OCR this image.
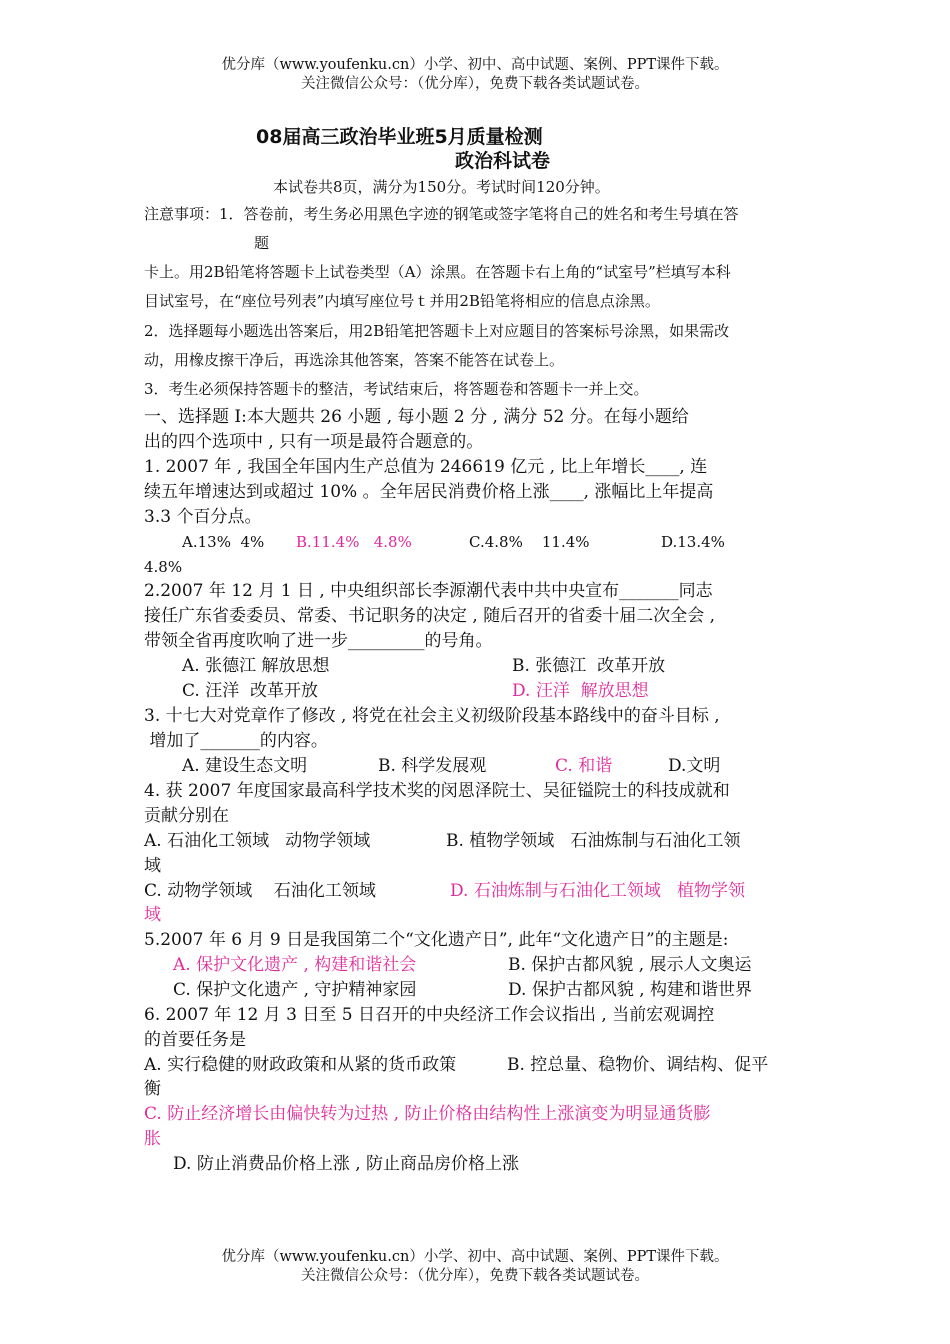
优分库（www.youfenku.cn）小学、初中、高中试题、案例、PPT课件下载。
关注微信公众号：（优分库），免费下载各类试题试卷。
08届高三政治毕业班5月质量检测
政治科试卷
本试卷共8页，满分为150分。考试时间120分钟。
注意事项：1．答卷前，考生务必用黑色字迹的钢笔或签字笔将自己的姓名和考生号填在答
题
卡上。用2B铅笔将答题卡上试卷类型（A）涂黑。在答题卡右上角的“试室号”栏填写本科
目试室号，在“座位号列表”内填写座位号ｔ并用2B铅笔将相应的信息点涂黑。
2．选择题每小题选出答案后，用2B铅笔把答题卡上对应题目的答案标号涂黑，如果需改
动，用橡皮擦干净后，再选涂其他答案，答案不能答在试卷上。
3．考生必须保持答题卡的整洁，考试结束后，将答题卷和答题卡一并上交。
一、选择题 I:本大题共 26 小题 , 每小题 2 分 , 满分 52 分。在每小题给
出的四个选项中 , 只有一项是最符合题意的。
1. 2007 年 , 我国全年国内生产总值为 246619 亿元 , 比上年增长____, 连
续五年增速达到或超过 10% 。全年居民消费价格上涨____, 涨幅比上年提高
3.3 个百分点。
A.13%  4% B.11.4%   4.8%	C.4.8%    11.4%	D.13.4%
4.8%
2.2007 年 12 月 1 日 , 中央组织部长李源潮代表中共中央宣布_______同志
接任广东省委委员、常委、书记职务的决定 , 随后召开的省委十届二次全会 ,
带领全省再度吹响了进一步_________的号角。
A. 张德江 解放思想	B. 张德江  改革开放
C. 汪洋  改革开放	D. 汪洋  解放思想
3. 十七大对党章作了修改 , 将党在社会主义初级阶段基本路线中的奋斗目标 ,
增加了_______的内容。
A. 建设生态文明	B. 科学发展观	C. 和谐	D.文明
4. 获 2007 年度国家最高科学技术奖的闵恩泽院士、吴征镒院士的科技成就和
贡献分别在
A. 石油化工领域   动物学领域	B. 植物学领域   石油炼制与石油化工领
域
C. 动物学领域    石油化工领域	D. 石油炼制与石油化工领域   植物学领
域
5.2007 年 6 月 9 日是我国第二个“文化遗产日”, 此年“文化遗产日”的主题是:
A. 保护文化遗产 , 构建和谐社会	B. 保护古都风貌 , 展示人文奥运
C. 保护文化遗产 , 守护精神家园	D. 保护古都风貌 , 构建和谐世界
6. 2007 年 12 月 3 日至 5 日召开的中央经济工作会议指出 , 当前宏观调控
的首要任务是
A. 实行稳健的财政政策和从紧的货币政策	B. 控总量、稳物价、调结构、促平
衡
C. 防止经济增长由偏快转为过热 , 防止价格由结构性上涨演变为明显通货膨
胀
D. 防止消费品价格上涨 , 防止商品房价格上涨
优分库（www.youfenku.cn）小学、初中、高中试题、案例、PPT课件下载。
关注微信公众号：（优分库），免费下载各类试题试卷。
